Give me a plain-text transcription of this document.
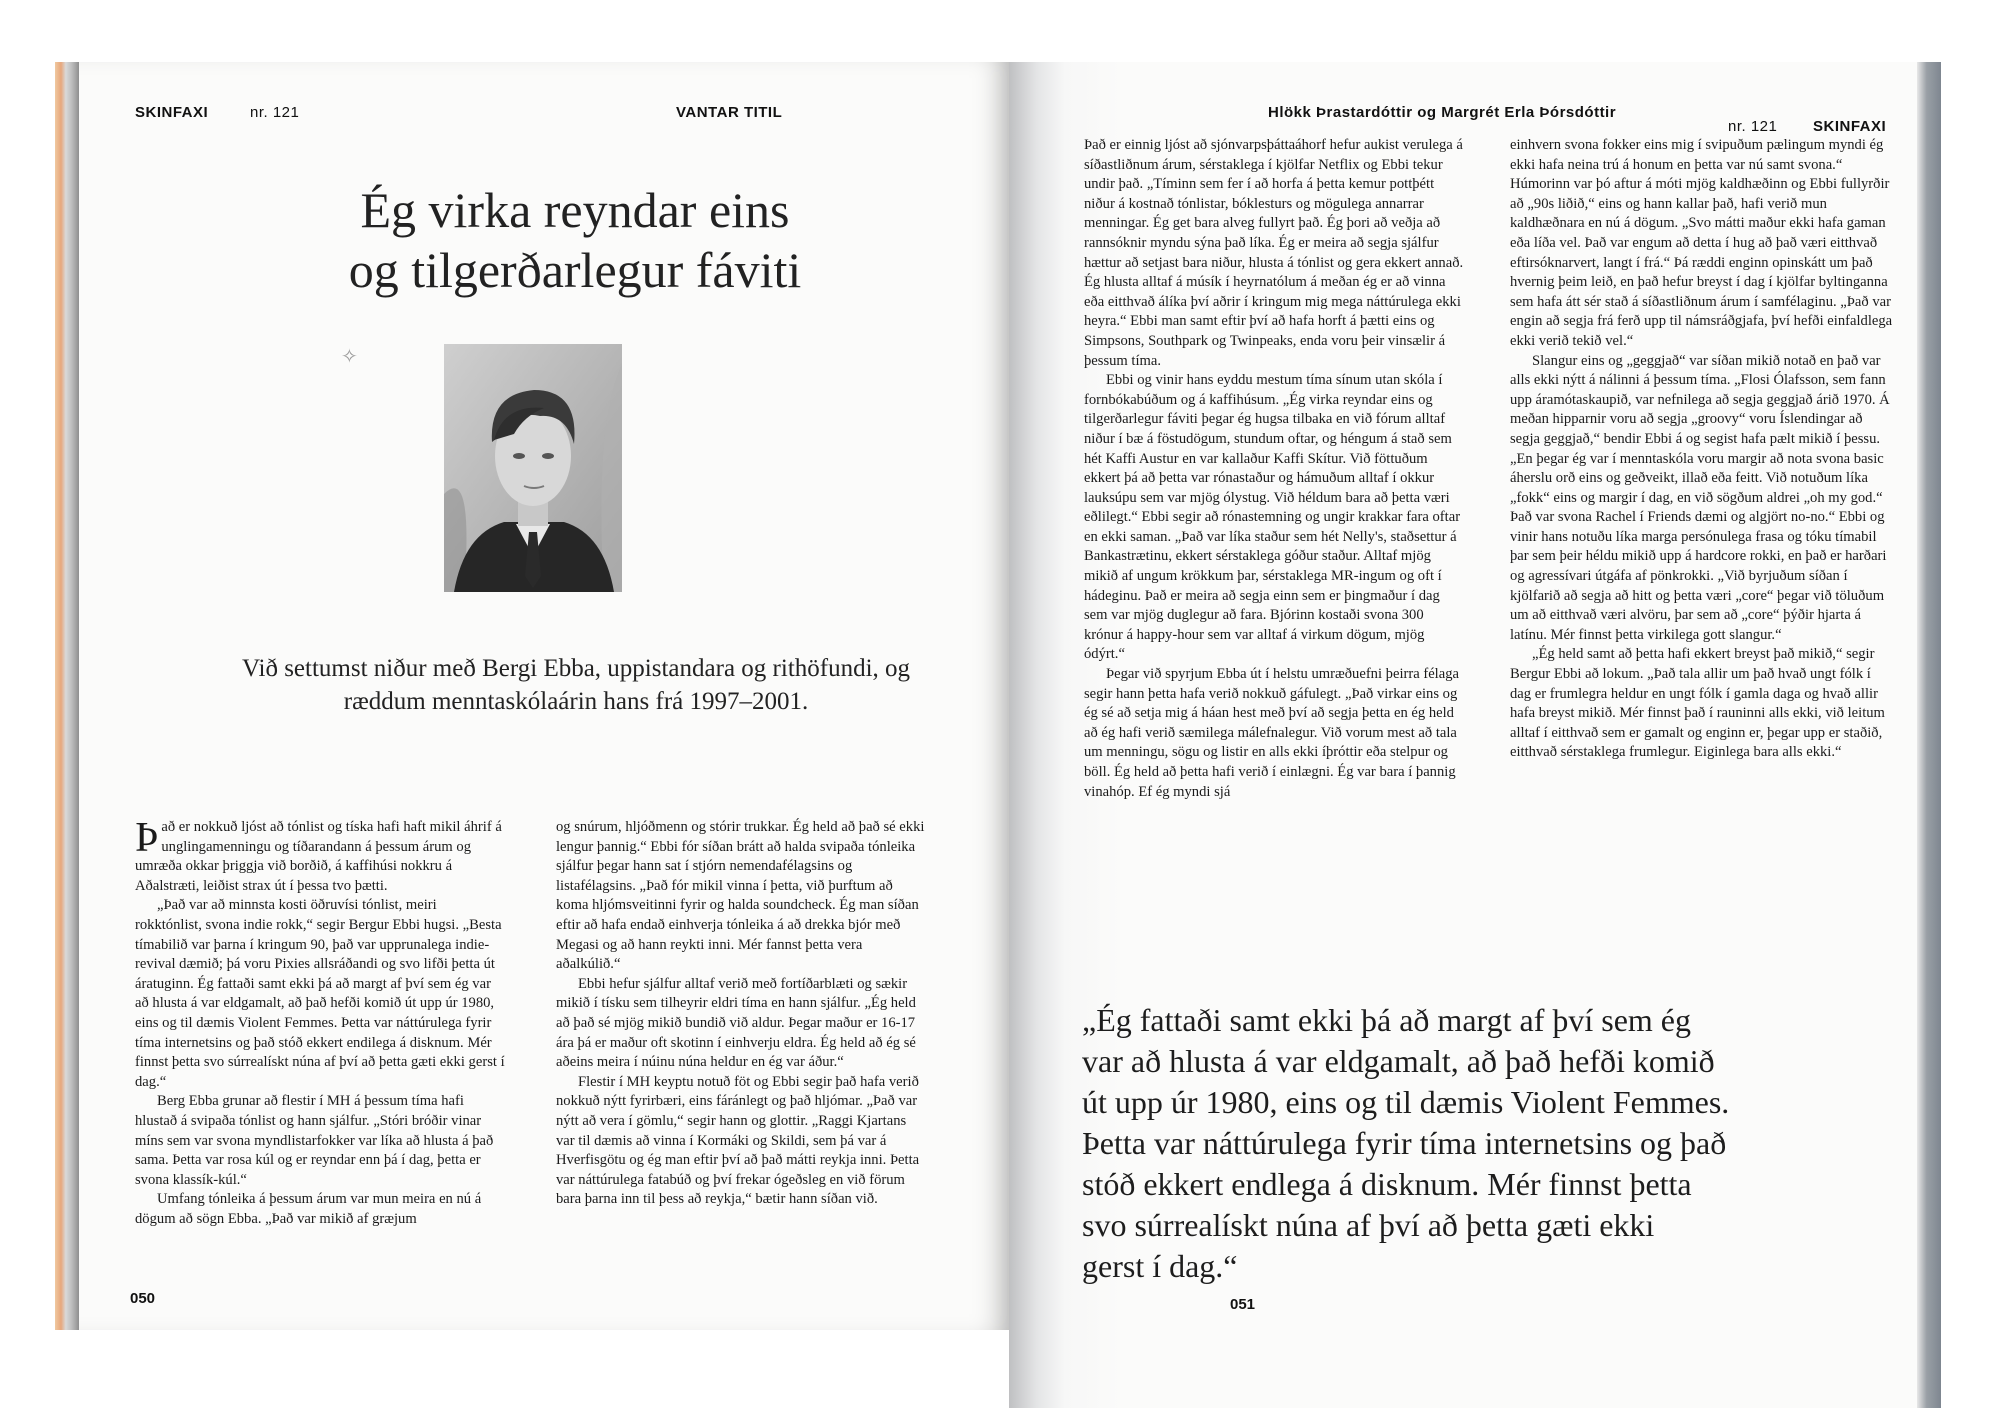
SKINFAXI	nr. 121	VANTAR TITIL
Ég virka reyndar eins
og tilgerðarlegur fáviti
✧
Við settumst niður með Bergi Ebba, uppistandara og rithöfundi, og ræddum menntaskólaárin hans frá 1997–2001.

Það er nokkuð ljóst að tónlist og tíska hafi haft mikil áhrif á unglingamenningu og tíðarandann á þessum árum og umræða okkar þriggja við borðið, á kaffihúsi nokkru á Aðalstræti, leiðist strax út í þessa tvo þætti.

„Það var að minnsta kosti öðruvísi tónlist, meiri rokktónlist, svona indie rokk,“ segir Bergur Ebbi hugsi. „Besta tímabilið var þarna í kringum 90, það var upprunalega indie-revival dæmið; þá voru Pixies allsráðandi og svo lifði þetta út áratuginn. Ég fattaði samt ekki þá að margt af því sem ég var að hlusta á var eldgamalt, að það hefði komið út upp úr 1980, eins og til dæmis Violent Femmes. Þetta var náttúrulega fyrir tíma internetsins og það stóð ekkert endilega á disknum. Mér finnst þetta svo súrrealískt núna af því að þetta gæti ekki gerst í dag.“

Berg Ebba grunar að flestir í MH á þessum tíma hafi hlustað á svipaða tónlist og hann sjálfur. „Stóri bróðir vinar míns sem var svona myndlistarfokker var líka að hlusta á það sama. Þetta var rosa kúl og er reyndar enn þá í dag, þetta er svona klassík-kúl.“

Umfang tónleika á þessum árum var mun meira en nú á dögum að sögn Ebba. „Það var mikið af græjum

og snúrum, hljóðmenn og stórir trukkar. Ég held að það sé ekki lengur þannig.“ Ebbi fór síðan brátt að halda svipaða tónleika sjálfur þegar hann sat í stjórn nemendafélagsins og listafélagsins. „Það fór mikil vinna í þetta, við þurftum að koma hljómsveitinni fyrir og halda soundcheck. Ég man síðan eftir að hafa endað einhverja tónleika á að drekka bjór með Megasi og að hann reykti inni. Mér fannst þetta vera aðalkúlið.“

Ebbi hefur sjálfur alltaf verið með fortíðarblæti og sækir mikið í tísku sem tilheyrir eldri tíma en hann sjálfur. „Ég held að það sé mjög mikið bundið við aldur. Þegar maður er 16-17 ára þá er maður oft skotinn í einhverju eldra. Ég held að ég sé aðeins meira í núinu núna heldur en ég var áður.“

Flestir í MH keyptu notuð föt og Ebbi segir það hafa verið nokkuð nýtt fyrirbæri, eins fáránlegt og það hljómar. „Það var nýtt að vera í gömlu,“ segir hann og glottir. „Raggi Kjartans var til dæmis að vinna í Kormáki og Skildi, sem þá var á Hverfisgötu og ég man eftir því að það mátti reykja inni. Þetta var náttúrulega fatabúð og því frekar ógeðsleg en við förum bara þarna inn til þess að reykja,“ bætir hann síðan við.

050
Hlökk Þrastardóttir og Margrét Erla Þórsdóttir
nr. 121 SKINFAXI

Það er einnig ljóst að sjónvarpsþáttaáhorf hefur aukist verulega á síðastliðnum árum, sérstaklega í kjölfar Netflix og Ebbi tekur undir það. „Tíminn sem fer í að horfa á þetta kemur pottþétt niður á kostnað tónlistar, bóklesturs og mögulega annarrar menningar. Ég get bara alveg fullyrt það. Ég þori að veðja að rannsóknir myndu sýna það líka. Ég er meira að segja sjálfur hættur að setjast bara niður, hlusta á tónlist og gera ekkert annað. Ég hlusta alltaf á músík í heyrnatólum á meðan ég er að vinna eða eitthvað álíka því aðrir í kringum mig mega náttúrulega ekki heyra.“ Ebbi man samt eftir því að hafa horft á þætti eins og Simpsons, Southpark og Twinpeaks, enda voru þeir vinsælir á þessum tíma.

Ebbi og vinir hans eyddu mestum tíma sínum utan skóla í fornbókabúðum og á kaffihúsum. „Ég virka reyndar eins og tilgerðarlegur fáviti þegar ég hugsa tilbaka en við fórum alltaf niður í bæ á föstudögum, stundum oftar, og héngum á stað sem hét Kaffi Austur en var kallaður Kaffi Skítur. Við föttuðum ekkert þá að þetta var rónastaður og hámuðum alltaf í okkur lauksúpu sem var mjög ólystug. Við héldum bara að þetta væri eðlilegt.“ Ebbi segir að rónastemning og ungir krakkar fara oftar en ekki saman. „Það var líka staður sem hét Nelly's, staðsettur á Bankastrætinu, ekkert sérstaklega góður staður. Alltaf mjög mikið af ungum krökkum þar, sérstaklega MR-ingum og oft í hádeginu. Það er meira að segja einn sem er þingmaður í dag sem var mjög duglegur að fara. Bjórinn kostaði svona 300 krónur á happy-hour sem var alltaf á virkum dögum, mjög ódýrt.“

Þegar við spyrjum Ebba út í helstu umræðuefni þeirra félaga segir hann þetta hafa verið nokkuð gáfulegt. „Það virkar eins og ég sé að setja mig á háan hest með því að segja þetta en ég held að ég hafi verið sæmilega málefnalegur. Við vorum mest að tala um menningu, sögu og listir en alls ekki íþróttir eða stelpur og böll. Ég held að þetta hafi verið í einlægni. Ég var bara í þannig vinahóp. Ef ég myndi sjá

einhvern svona fokker eins mig í svipuðum pælingum myndi ég ekki hafa neina trú á honum en þetta var nú samt svona.“ Húmorinn var þó aftur á móti mjög kaldhæðinn og Ebbi fullyrðir að „90s liðið,“ eins og hann kallar það, hafi verið mun kaldhæðnara en nú á dögum. „Svo mátti maður ekki hafa gaman eða líða vel. Það var engum að detta í hug að það væri eitthvað eftirsóknarvert, langt í frá.“ Þá ræddi enginn opinskátt um það hvernig þeim leið, en það hefur breyst í dag í kjölfar byltinganna sem hafa átt sér stað á síðastliðnum árum í samfélaginu. „Það var engin að segja frá ferð upp til námsráðgjafa, því hefði einfaldlega ekki verið tekið vel.“

Slangur eins og „geggjað“ var síðan mikið notað en það var alls ekki nýtt á nálinni á þessum tíma. „Flosi Ólafsson, sem fann upp áramótaskaupið, var nefnilega að segja geggjað árið 1970. Á meðan hipparnir voru að segja „groovy“ voru Íslendingar að segja geggjað,“ bendir Ebbi á og segist hafa pælt mikið í þessu. „En þegar ég var í menntaskóla voru margir að nota svona basic áherslu orð eins og geðveikt, illað eða feitt. Við notuðum líka „fokk“ eins og margir í dag, en við sögðum aldrei „oh my god.“ Það var svona Rachel í Friends dæmi og algjört no-no.“ Ebbi og vinir hans notuðu líka marga persónulega frasa og tóku tímabil þar sem þeir héldu mikið upp á hardcore rokki, en það er harðari og agressívari útgáfa af pönkrokki. „Við byrjuðum síðan í kjölfarið að segja að hitt og þetta væri „core“ þegar við töluðum um að eitthvað væri alvöru, þar sem að „core“ þýðir hjarta á latínu. Mér finnst þetta virkilega gott slangur.“

„Ég held samt að þetta hafi ekkert breyst það mikið,“ segir Bergur Ebbi að lokum. „Það tala allir um það hvað ungt fólk í dag er frumlegra heldur en ungt fólk í gamla daga og hvað allir hafa breyst mikið. Mér finnst það í rauninni alls ekki, við leitum alltaf í eitthvað sem er gamalt og enginn er, þegar upp er staðið, eitthvað sérstaklega frumlegur. Eiginlega bara alls ekki.“

„Ég fattaði samt ekki þá að margt af því sem ég
var að hlusta á var eldgamalt, að það hefði komið
út upp úr 1980, eins og til dæmis Violent Femmes.
Þetta var náttúrulega fyrir tíma internetsins og það
stóð ekkert endlega á disknum. Mér finnst þetta
svo súrrealískt núna af því að þetta gæti ekki
gerst í dag.“
051
